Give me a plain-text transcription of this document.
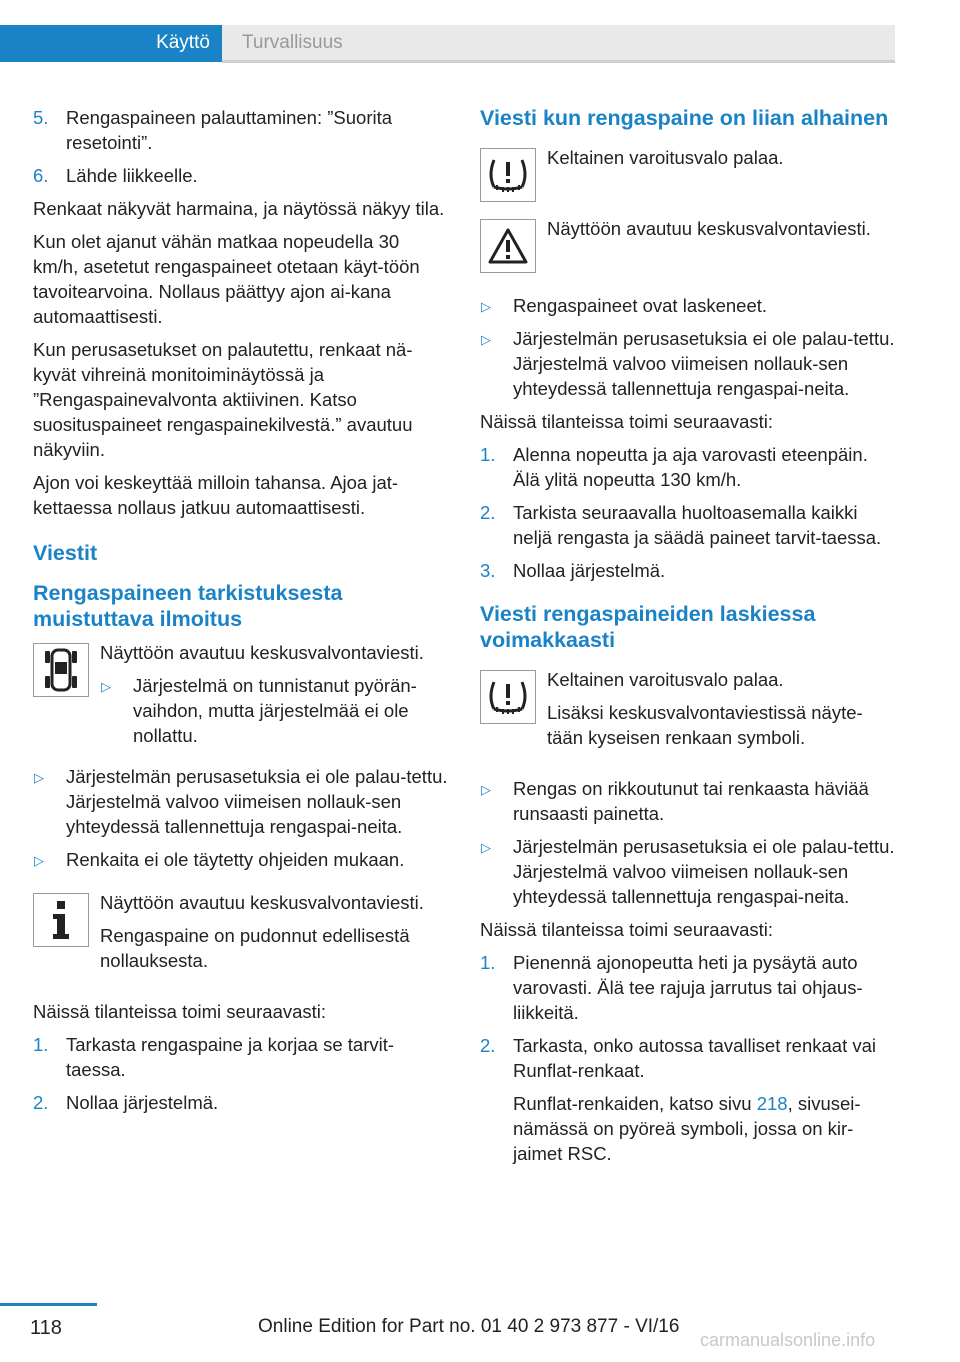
Käyttö	Turvallisuus
5. Rengaspaineen palauttaminen: ”Suorita resetointi”.
6. Lähde liikkeelle.

Renkaat näkyvät harmaina, ja näytössä näkyy tila.

Kun olet ajanut vähän matkaa nopeudella 30 km/h, asetetut rengaspaineet otetaan käyt-töön tavoitearvoina. Nollaus päättyy ajon ai-kana automaattisesti.

Kun perusasetukset on palautettu, renkaat nä-kyvät vihreinä monitoiminäytössä ja ”Rengaspainevalvonta aktiivinen. Katso suosituspaineet rengaspainekilvestä.” avautuu näkyviin.

Ajon voi keskeyttää milloin tahansa. Ajoa jat-kettaessa nollaus jatkuu automaattisesti.

Viestit
Rengaspaineen tarkistuksesta muistuttava ilmoitus

Näyttöön avautuu keskusvalvontaviesti.

▷ Järjestelmä on tunnistanut pyörän-vaihdon, mutta järjestelmää ei ole nollattu.
▷ Järjestelmän perusasetuksia ei ole palau-tettu. Järjestelmä valvoo viimeisen nollauk-sen yhteydessä tallennettuja rengaspai-neita.
▷ Renkaita ei ole täytetty ohjeiden mukaan.

Näyttöön avautuu keskusvalvontaviesti.

Rengaspaine on pudonnut edellisestä nollauksesta.

Näissä tilanteissa toimi seuraavasti:

1. Tarkasta rengaspaine ja korjaa se tarvit-taessa.
2. Nollaa järjestelmä.
Viesti kun rengaspaine on liian alhainen

Keltainen varoitusvalo palaa.

Näyttöön avautuu keskusvalvontaviesti.

▷ Rengaspaineet ovat laskeneet.
▷ Järjestelmän perusasetuksia ei ole palau-tettu. Järjestelmä valvoo viimeisen nollauk-sen yhteydessä tallennettuja rengaspai-neita.

Näissä tilanteissa toimi seuraavasti:

1. Alenna nopeutta ja aja varovasti eteenpäin. Älä ylitä nopeutta 130 km/h.
2. Tarkista seuraavalla huoltoasemalla kaikki neljä rengasta ja säädä paineet tarvit-taessa.
3. Nollaa järjestelmä.
Viesti rengaspaineiden laskiessa voimakkaasti

Keltainen varoitusvalo palaa.

Lisäksi keskusvalvontaviestissä näyte-tään kyseisen renkaan symboli.

▷ Rengas on rikkoutunut tai renkaasta häviää runsaasti painetta.
▷ Järjestelmän perusasetuksia ei ole palau-tettu. Järjestelmä valvoo viimeisen nollauk-sen yhteydessä tallennettuja rengaspai-neita.

Näissä tilanteissa toimi seuraavasti:

1. Pienennä ajonopeutta heti ja pysäytä auto varovasti. Älä tee rajuja jarrutus tai ohjaus-liikkeitä.
2. Tarkasta, onko autossa tavalliset renkaat vai Runflat-renkaat.

Runflat-renkaiden, katso sivu 218, sivusei-nämässä on pyöreä symboli, jossa on kir-jaimet RSC.

118	Online Edition for Part no. 01 40 2 973 877 - VI/16
carmanualsonline.info
